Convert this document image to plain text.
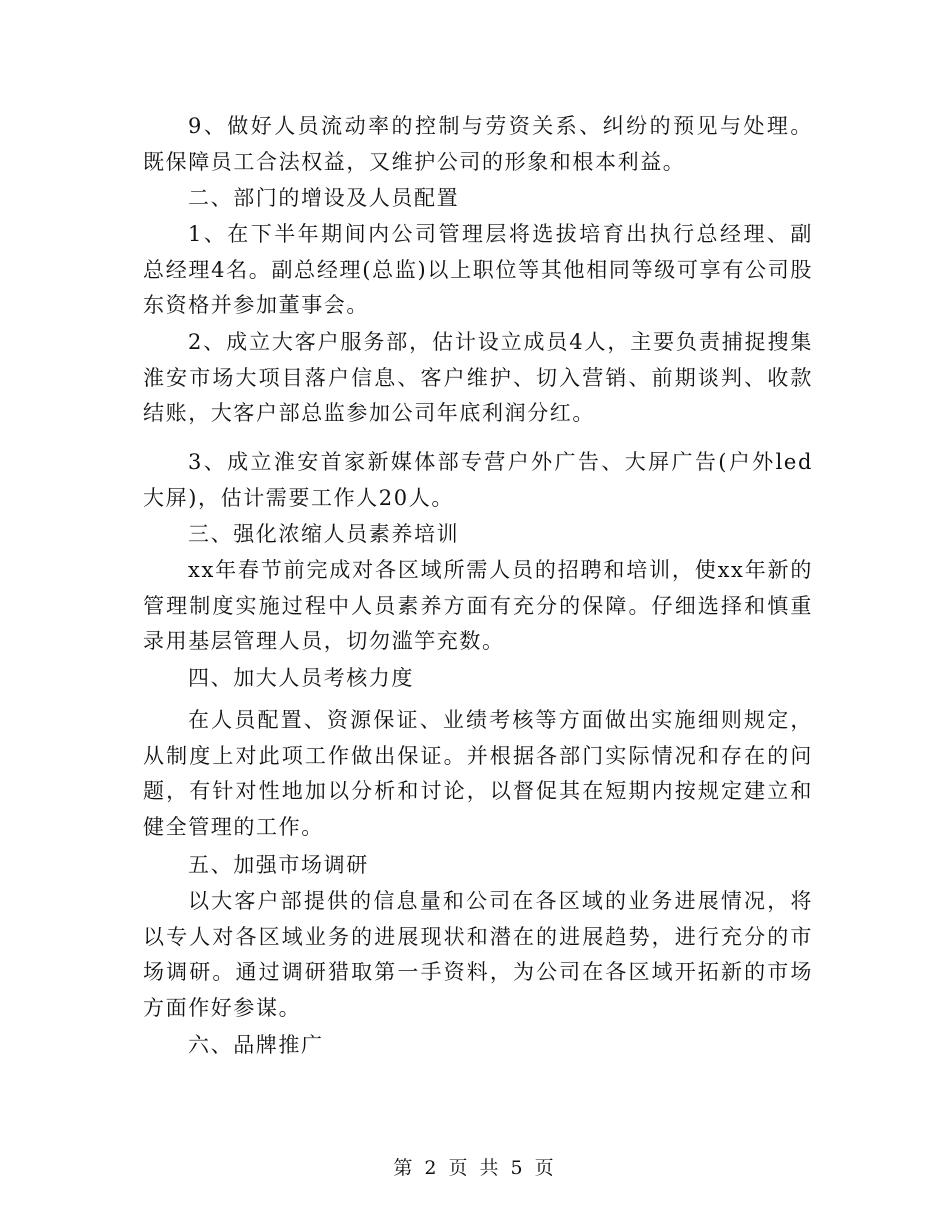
9、做好人员流动率的控制与劳资关系、纠纷的预见与处理。既保障员工合法权益，又维护公司的形象和根本利益。

二、部门的增设及人员配置

1、在下半年期间内公司管理层将选拔培育出执行总经理、副总经理4名。副总经理(总监)以上职位等其他相同等级可享有公司股东资格并参加董事会。

2、成立大客户服务部，估计设立成员4人，主要负责捕捉搜集淮安市场大项目落户信息、客户维护、切入营销、前期谈判、收款结账，大客户部总监参加公司年底利润分红。

3、成立淮安首家新媒体部专营户外广告、大屏广告(户外led大屏)，估计需要工作人20人。

三、强化浓缩人员素养培训

xx年春节前完成对各区域所需人员的招聘和培训，使xx年新的管理制度实施过程中人员素养方面有充分的保障。仔细选择和慎重录用基层管理人员，切勿滥竽充数。

四、加大人员考核力度

在人员配置、资源保证、业绩考核等方面做出实施细则规定，从制度上对此项工作做出保证。并根据各部门实际情况和存在的问题，有针对性地加以分析和讨论，以督促其在短期内按规定建立和健全管理的工作。

五、加强市场调研

以大客户部提供的信息量和公司在各区域的业务进展情况，将以专人对各区域业务的进展现状和潜在的进展趋势，进行充分的市场调研。通过调研猎取第一手资料，为公司在各区域开拓新的市场方面作好参谋。

六、品牌推广

第 2 页 共 5 页
